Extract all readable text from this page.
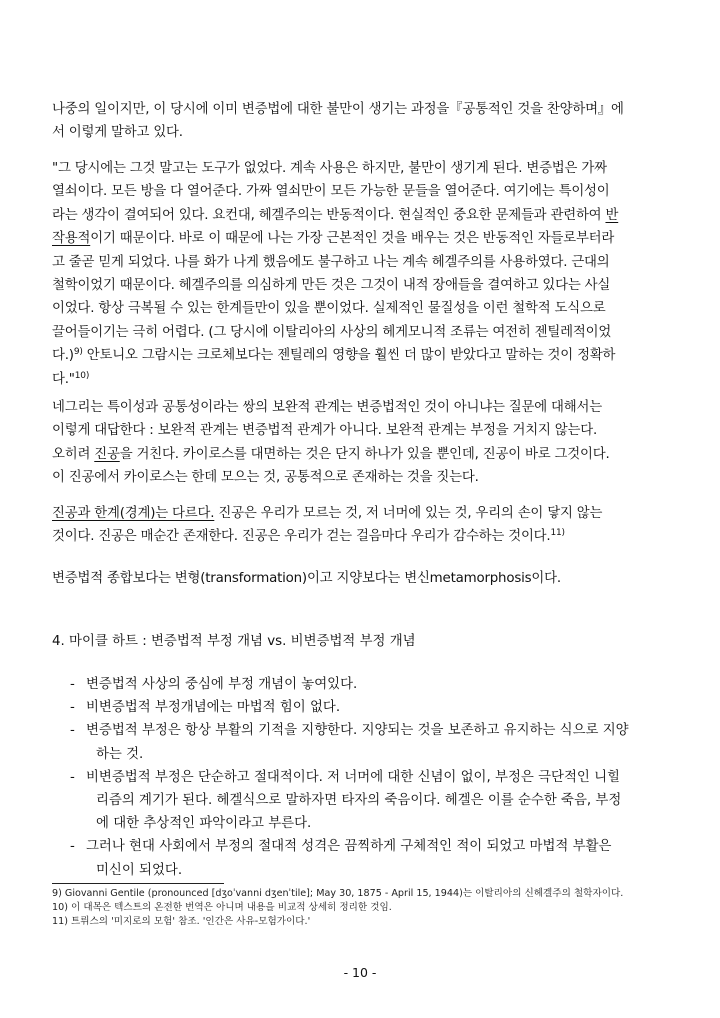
나중의 일이지만, 이 당시에 이미 변증법에 대한 불만이 생기는 과정을『공통적인 것을 찬양하며』에
서 이렇게 말하고 있다.

"그 당시에는 그것 말고는 도구가 없었다. 계속 사용은 하지만, 불만이 생기게 된다. 변증법은 가짜
열쇠이다. 모든 방을 다 열어준다. 가짜 열쇠만이 모든 가능한 문들을 열어준다. 여기에는 특이성이
라는 생각이 결여되어 있다. 요컨대, 헤겔주의는 반동적이다. 현실적인 중요한 문제들과 관련하여 반
작용적이기 때문이다. 바로 이 때문에 나는 가장 근본적인 것을 배우는 것은 반동적인 자들로부터라
고 줄곧 믿게 되었다. 나를 화가 나게 했음에도 불구하고 나는 계속 헤겔주의를 사용하였다. 근대의
철학이었기 때문이다. 헤겔주의를 의심하게 만든 것은 그것이 내적 장애들을 결여하고 있다는 사실
이었다. 항상 극복될 수 있는 한계들만이 있을 뿐이었다. 실제적인 물질성을 이런 철학적 도식으로
끌어들이기는 극히 어렵다. (그 당시에 이탈리아의 사상의 헤게모니적 조류는 여전히 젠틸레적이었
다.)$^{9)}$ 안토니오 그람시는 크로체보다는 젠틸레의 영향을 훨씬 더 많이 받았다고 말하는 것이 정확하
다."$^{10)}$

네그리는 특이성과 공통성이라는 쌍의 보완적 관계는 변증법적인 것이 아니냐는 질문에 대해서는
이렇게 대답한다 : 보완적 관계는 변증법적 관계가 아니다. 보완적 관계는 부정을 거치지 않는다.
오히려 진공을 거친다. 카이로스를 대면하는 것은 단지 하나가 있을 뿐인데, 진공이 바로 그것이다.
이 진공에서 카이로스는 한데 모으는 것, 공통적으로 존재하는 것을 짓는다.

진공과 한계(경계)는 다르다. 진공은 우리가 모르는 것, 저 너머에 있는 것, 우리의 손이 닿지 않는
것이다. 진공은 매순간 존재한다. 진공은 우리가 걷는 걸음마다 우리가 감수하는 것이다.$^{11)}$

변증법적 종합보다는 변형(transformation)이고 지양보다는 변신metamorphosis이다.

4. 마이클 하트 : 변증법적 부정 개념 vs. 비변증법적 부정 개념

- 변증법적 사상의 중심에 부정 개념이 놓여있다.
- 비변증법적 부정개념에는 마법적 힘이 없다.
- 변증법적 부정은 항상 부활의 기적을 지향한다. 지양되는 것을 보존하고 유지하는 식으로 지양
하는 것.
- 비변증법적 부정은 단순하고 절대적이다. 저 너머에 대한 신념이 없이, 부정은 극단적인 니힐
리즘의 계기가 된다. 헤겔식으로 말하자면 타자의 죽음이다. 헤겔은 이를 순수한 죽음, 부정
에 대한 추상적인 파악이라고 부른다.
- 그러나 현대 사회에서 부정의 절대적 성격은 끔찍하게 구체적인 적이 되었고 마법적 부활은
미신이 되었다.
9) Giovanni Gentile (pronounced [dʒoˈvanni dʒenˈtile]; May 30, 1875 - April 15, 1944)는 이탈리아의 신헤겔주의 철학자이다.
10) 이 대목은 텍스트의 온전한 번역은 아니며 내용을 비교적 상세히 정리한 것임.
11) 트뤼스의 '미지로의 모험' 참조. '인간은 사유-모험가이다.'

- 10 -
